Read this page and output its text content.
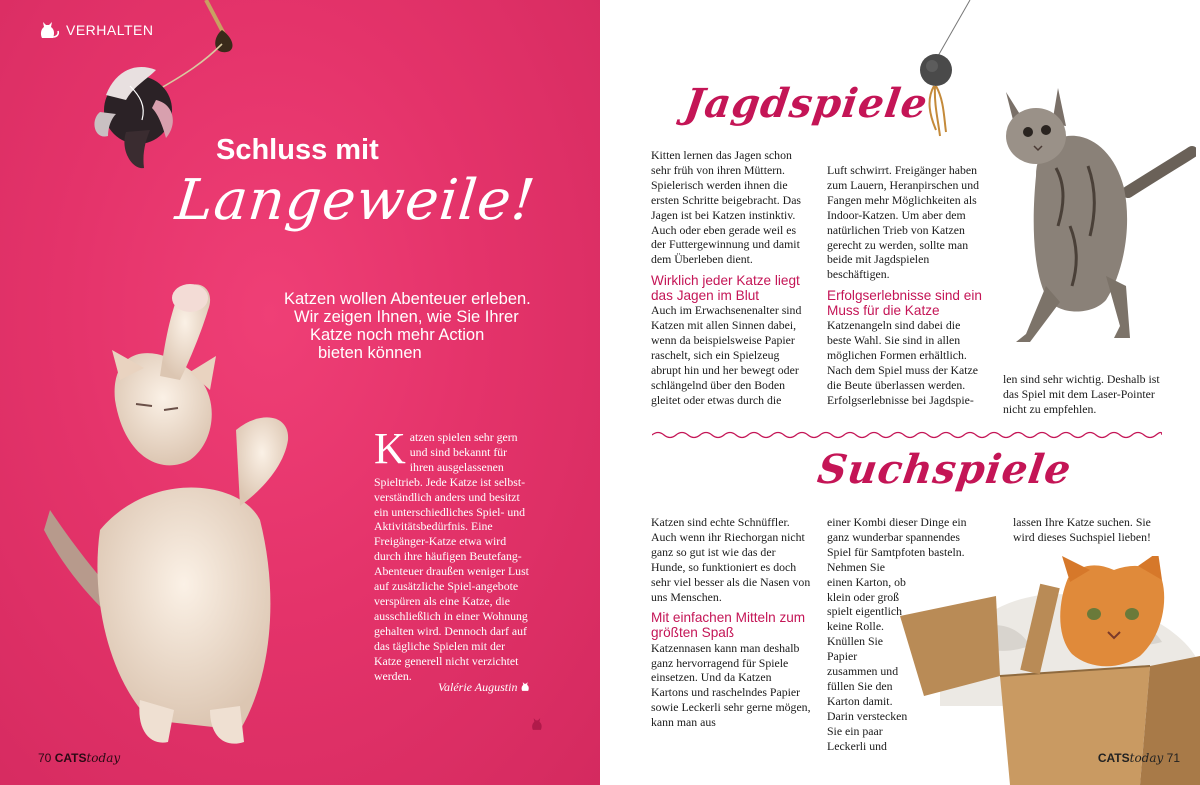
VERHALTEN
Schluss mit
Langeweile!
Katzen wollen Abenteuer erleben.
Wir zeigen Ihnen, wie Sie Ihrer
Katze noch mehr Action
bieten können
K atzen spielen sehr gern und sind bekannt für ihren ausgelassenen Spieltrieb. Jede Katze ist selbst-verständlich anders und besitzt ein unterschiedliches Spiel- und Aktivitätsbedürfnis. Eine Freigänger-Katze etwa wird durch ihre häufigen Beutefang-Abenteuer draußen weniger Lust auf zusätzliche Spiel-angebote verspüren als eine Katze, die ausschließlich in einer Wohnung gehalten wird. Dennoch darf auf das tägliche Spielen mit der Katze generell nicht verzichtet werden.
Valérie Augustin
70 CATStoday
Jagdspiele
Kitten lernen das Jagen schon sehr früh von ihren Müttern. Spielerisch werden ihnen die ersten Schritte beigebracht. Das Jagen ist bei Katzen instinktiv. Auch oder eben gerade weil es der Futtergewinnung und damit dem Überleben dient.
Wirklich jeder Katze liegt das Jagen im Blut
Auch im Erwachsenenalter sind Katzen mit allen Sinnen dabei, wenn da beispielsweise Papier raschelt, sich ein Spielzeug abrupt hin und her bewegt oder schlängelnd über den Boden gleitet oder etwas durch die
Luft schwirrt. Freigänger haben zum Lauern, Heranpirschen und Fangen mehr Möglichkeiten als Indoor-Katzen. Um aber dem natürlichen Trieb von Katzen gerecht zu werden, sollte man beide mit Jagdspielen beschäftigen.
Erfolgserlebnisse sind ein Muss für die Katze
Katzenangeln sind dabei die beste Wahl. Sie sind in allen möglichen Formen erhältlich. Nach dem Spiel muss der Katze die Beute überlassen werden. Erfolgserlebnisse bei Jagdspie-
len sind sehr wichtig. Deshalb ist das Spiel mit dem Laser-Pointer nicht zu empfehlen.
Suchspiele
Katzen sind echte Schnüffler. Auch wenn ihr Riechorgan nicht ganz so gut ist wie das der Hunde, so funktioniert es doch sehr viel besser als die Nasen von uns Menschen.
Mit einfachen Mitteln zum größten Spaß
Katzennasen kann man deshalb ganz hervorragend für Spiele einsetzen. Und da Katzen Kartons und raschelndes Papier sowie Leckerli sehr gerne mögen, kann man aus
einer Kombi dieser Dinge ein ganz wunderbar spannendes Spiel für Samtpfoten basteln.
Nehmen Sie einen Karton, ob klein oder groß spielt eigentlich keine Rolle. Knüllen Sie Papier zusammen und füllen Sie den Karton damit. Darin verstecken Sie ein paar Leckerli und
lassen Ihre Katze suchen. Sie wird dieses Suchspiel lieben!
CATStoday 71
